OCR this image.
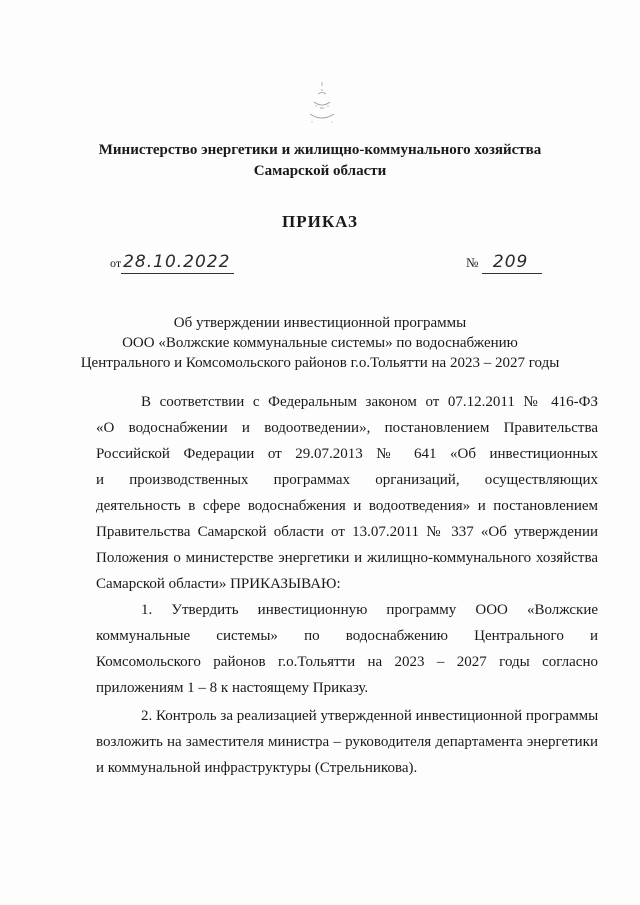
Министерство энергетики и жилищно-коммунального хозяйства
Самарской области
ПРИКАЗ
от 28.10.2022	№ 209
Об утверждении инвестиционной программы
ООО «Волжские коммунальные системы» по водоснабжению
Центрального и Комсомольского районов г.о.Тольятти на 2023 – 2027 годы
В соответствии с Федеральным законом от 07.12.2011 № 416-ФЗ
«О водоснабжении и водоотведении», постановлением Правительства
Российской Федерации от 29.07.2013 № 641 «Об инвестиционных
и производственных программах организаций, осуществляющих
деятельность в сфере водоснабжения и водоотведения» и постановлением
Правительства Самарской области от 13.07.2011 № 337 «Об утверждении
Положения о министерстве энергетики и жилищно-коммунального хозяйства
Самарской области» ПРИКАЗЫВАЮ:
1. Утвердить инвестиционную программу ООО «Волжские
коммунальные системы» по водоснабжению Центрального и
Комсомольского районов г.о.Тольятти на 2023 – 2027 годы согласно
приложениям 1 – 8 к настоящему Приказу.
2. Контроль за реализацией утвержденной инвестиционной программы
возложить на заместителя министра – руководителя департамента энергетики
и коммунальной инфраструктуры (Стрельникова).
